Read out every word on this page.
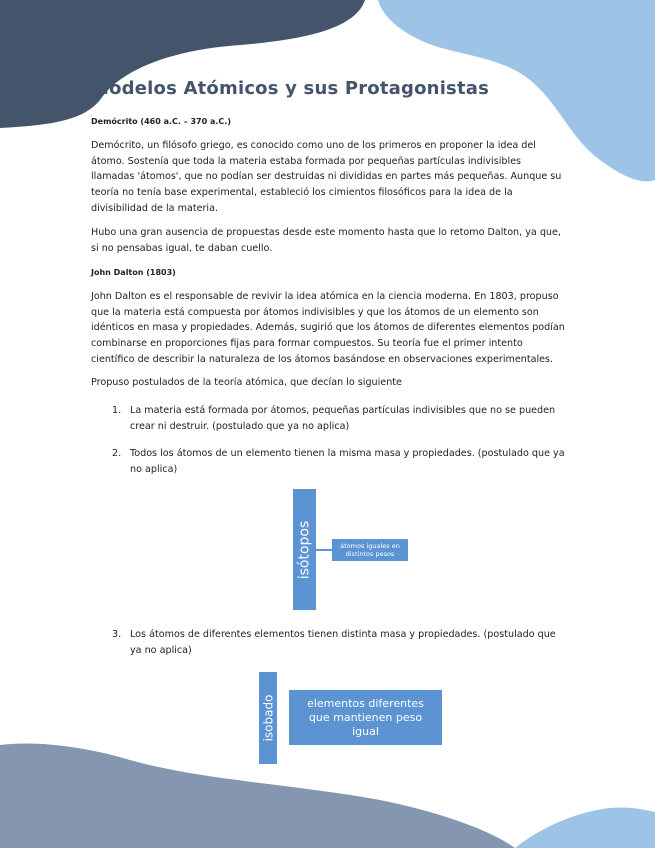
Modelos Atómicos y sus Protagonistas
Demócrito (460 a.C. – 370 a.C.)

Demócrito, un filósofo griego, es conocido como uno de los primeros en proponer la idea del átomo. Sostenía que toda la materia estaba formada por pequeñas partículas indivisibles llamadas 'átomos', que no podían ser destruidas ni divididas en partes más pequeñas. Aunque su teoría no tenía base experimental, estableció los cimientos filosóficos para la idea de la divisibilidad de la materia.

Hubo una gran ausencia de propuestas desde este momento hasta que lo retomo Dalton, ya que, si no pensabas igual, te daban cuello.

John Dalton (1803)

John Dalton es el responsable de revivir la idea atómica en la ciencia moderna. En 1803, propuso que la materia está compuesta por átomos indivisibles y que los átomos de un elemento son idénticos en masa y propiedades. Además, sugirió que los átomos de diferentes elementos podían combinarse en proporciones fijas para formar compuestos. Su teoría fue el primer intento científico de describir la naturaleza de los átomos basándose en observaciones experimentales.

Propuso postulados de la teoría atómica, que decían lo siguiente

1. La materia está formada por átomos, pequeñas partículas indivisibles que no se pueden crear ni destruir. (postulado que ya no aplica)
2. Todos los átomos de un elemento tienen la misma masa y propiedades. (postulado que ya no aplica)
isótopos	átomos iguales en distintos pesos
3. Los átomos de diferentes elementos tienen distinta masa y propiedades. (postulado que ya no aplica)
isobado	elementos diferentes que mantienen peso igual
